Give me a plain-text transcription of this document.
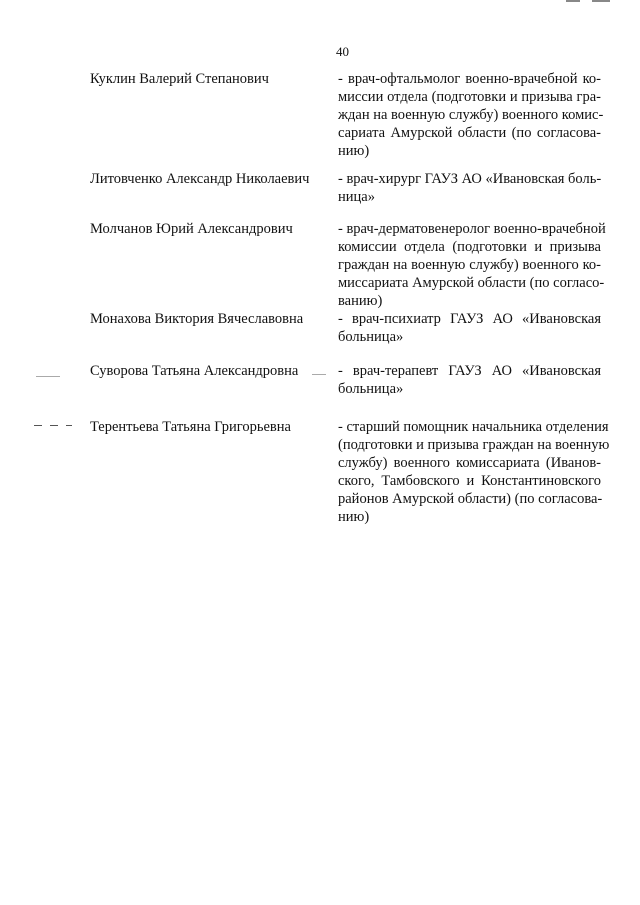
40
Куклин Валерий Степанович	- врач-офтальмолог военно-врачебной ко-
миссии отдела (подготовки и призыва гра-
ждан на военную службу) военного комис-
сариата Амурской области (по согласова-
нию)
Литовченко Александр Николаевич	- врач-хирург ГАУЗ АО «Ивановская боль-
ница»
Молчанов Юрий Александрович	- врач-дерматовенеролог военно-врачебной
комиссии отдела (подготовки и призыва
граждан на военную службу) военного ко-
миссариата Амурской области (по согласо-
ванию)
Монахова Виктория Вячеславовна	- врач-психиатр ГАУЗ АО «Ивановская
больница»
Суворова Татьяна Александровна	- врач-терапевт ГАУЗ АО «Ивановская
больница»
Терентьева Татьяна Григорьевна	- старший помощник начальника отделения
(подготовки и призыва граждан на военную
службу) военного комиссариата (Иванов-
ского, Тамбовского и Константиновского
районов Амурской области) (по согласова-
нию)
